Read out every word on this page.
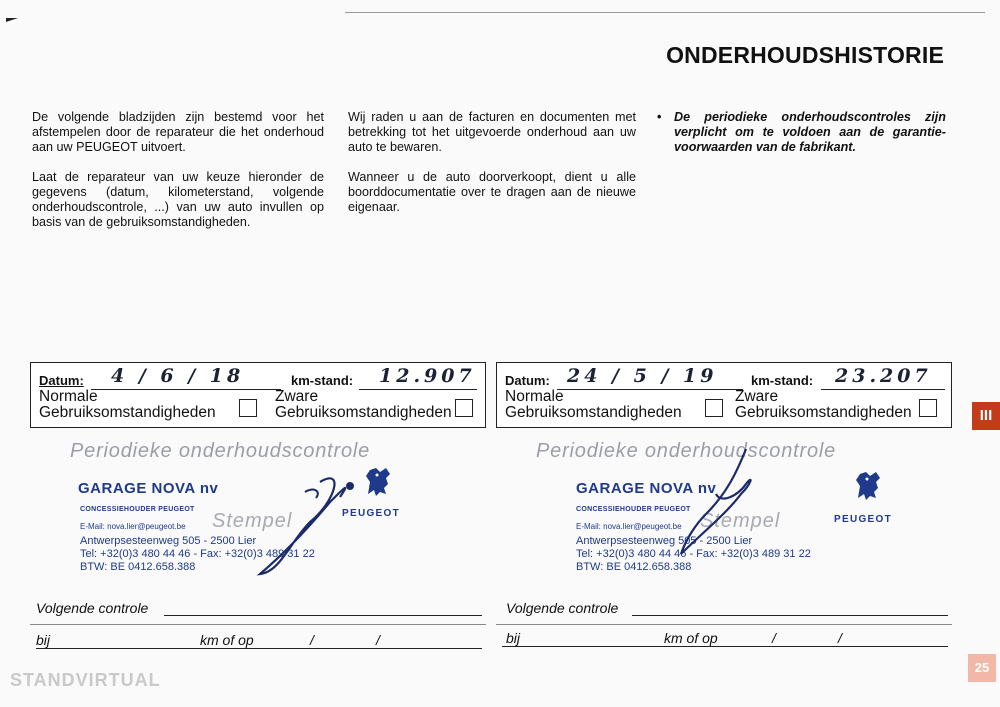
ONDERHOUDSHISTORIE

De volgende bladzijden zijn bestemd voor het afstempelen door de reparateur die het onderhoud aan uw PEUGEOT uitvoert.

Laat de reparateur van uw keuze hieronder de gegevens (datum, kilometerstand, volgende onderhoudscontrole, ...) van uw auto invullen op basis van de gebruiksomstandigheden.

Wij raden u aan de facturen en documenten met betrekking tot het uitgevoerde onderhoud aan uw auto te bewaren.

Wanneer u de auto doorverkoopt, dient u alle boorddocumentatie over te dragen aan de nieuwe eigenaar.

• De periodieke onderhoudscontroles zijn verplicht om te voldoen aan de garantie-voorwaarden van de fabrikant.
III
25
STANDVIRTUAL
Datum: 4 / 6 / 18	km-stand: 12.907
Normale
Gebruiksomstandigheden
Zware
Gebruiksomstandigheden
Periodieke onderhoudscontrole
GARAGE NOVA nv
CONCESSIEHOUDER PEUGEOT
E-Mail: nova.lier@peugeot.be
Antwerpsesteenweg 505 - 2500 Lier
Tel: +32(0)3 480 44 46 - Fax: +32(0)3 489 31 22
BTW: BE 0412.658.388
Stempel	PEUGEOT
Volgende controle
bij	km of op	/	/
Datum: 24 / 5 / 19	km-stand: 23.207
Normale
Gebruiksomstandigheden
Zware
Gebruiksomstandigheden
Periodieke onderhoudscontrole
GARAGE NOVA nv
CONCESSIEHOUDER PEUGEOT
E-Mail: nova.lier@peugeot.be
Antwerpsesteenweg 505 - 2500 Lier
Tel: +32(0)3 480 44 46 - Fax: +32(0)3 489 31 22
BTW: BE 0412.658.388
Stempel	PEUGEOT
Volgende controle
bij	km of op	/	/
